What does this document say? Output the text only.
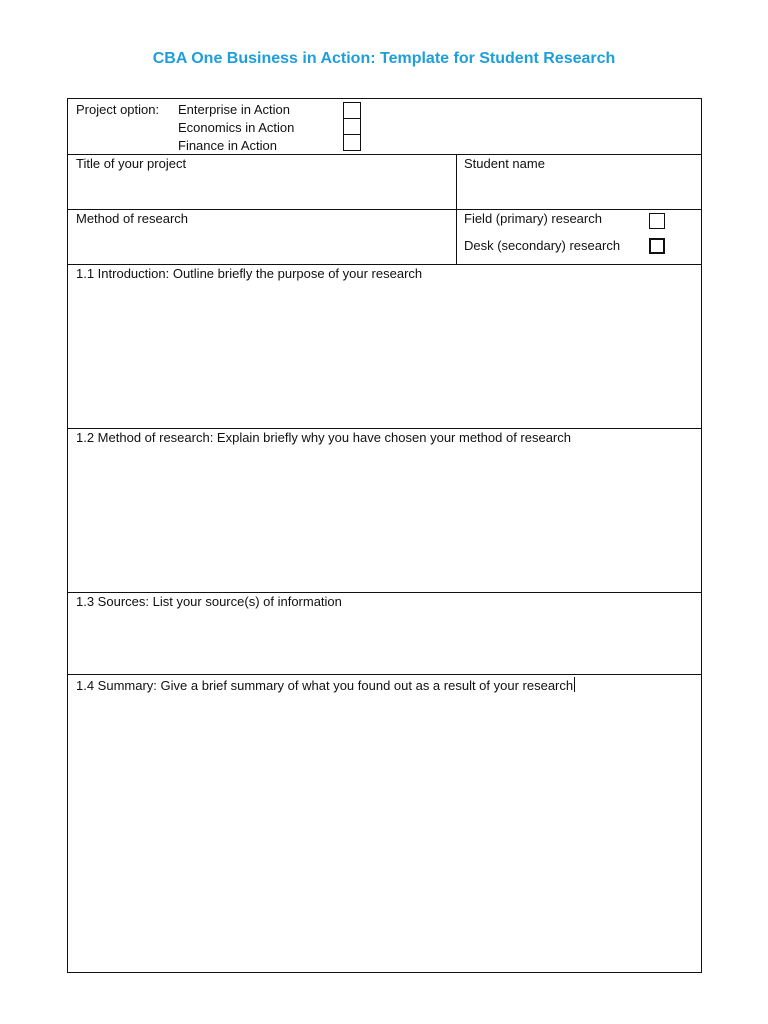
CBA One Business in Action: Template for Student Research
Project option: Enterprise in Action
Economics in Action
Finance in Action
Title of your project	Student name
Method of research	Field (primary) research
Desk (secondary) research
1.1 Introduction: Outline briefly the purpose of your research
1.2 Method of research: Explain briefly why you have chosen your method of research
1.3 Sources: List your source(s) of information
1.4 Summary: Give a brief summary of what you found out as a result of your research
